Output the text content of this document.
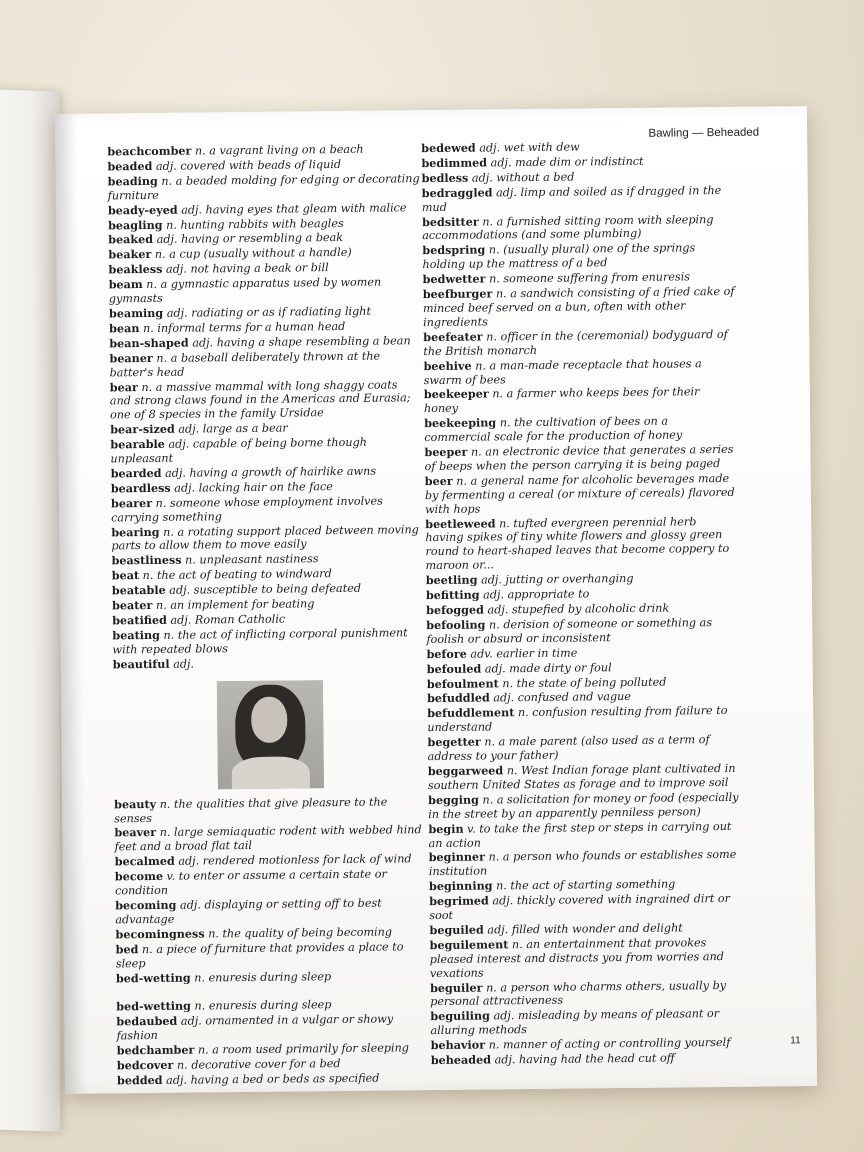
Bawling — Beheaded
beachcomber n. a vagrant living on a beach
beaded adj. covered with beads of liquid
beading n. a beaded molding for edging or decorating furniture
beady-eyed adj. having eyes that gleam with malice
beagling n. hunting rabbits with beagles
beaked adj. having or resembling a beak
beaker n. a cup (usually without a handle)
beakless adj. not having a beak or bill
beam n. a gymnastic apparatus used by women gymnasts
beaming adj. radiating or as if radiating light
bean n. informal terms for a human head
bean-shaped adj. having a shape resembling a bean
beaner n. a baseball deliberately thrown at the batter's head
bear n. a massive mammal with long shaggy coats and strong claws found in the Americas and Eurasia; one of 8 species in the family Ursidae
bear-sized adj. large as a bear
bearable adj. capable of being borne though unpleasant
bearded adj. having a growth of hairlike awns
beardless adj. lacking hair on the face
bearer n. someone whose employment involves carrying something
bearing n. a rotating support placed between moving parts to allow them to move easily
beastliness n. unpleasant nastiness
beat n. the act of beating to windward
beatable adj. susceptible to being defeated
beater n. an implement for beating
beatified adj. Roman Catholic
beating n. the act of inflicting corporal punishment with repeated blows
beautiful adj.
beauty n. the qualities that give pleasure to the senses
beaver n. large semiaquatic rodent with webbed hind feet and a broad flat tail
becalmed adj. rendered motionless for lack of wind
become v. to enter or assume a certain state or condition
becoming adj. displaying or setting off to best advantage
becomingness n. the quality of being becoming
bed n. a piece of furniture that provides a place to sleep
bed-wetting n. enuresis during sleep
bed-wetting n. enuresis during sleep
bedaubed adj. ornamented in a vulgar or showy fashion
bedchamber n. a room used primarily for sleeping
bedcover n. decorative cover for a bed
bedded adj. having a bed or beds as specified
bedewed adj. wet with dew
bedimmed adj. made dim or indistinct
bedless adj. without a bed
bedraggled adj. limp and soiled as if dragged in the mud
bedsitter n. a furnished sitting room with sleeping accommodations (and some plumbing)
bedspring n. (usually plural) one of the springs holding up the mattress of a bed
bedwetter n. someone suffering from enuresis
beefburger n. a sandwich consisting of a fried cake of minced beef served on a bun, often with other ingredients
beefeater n. officer in the (ceremonial) bodyguard of the British monarch
beehive n. a man-made receptacle that houses a swarm of bees
beekeeper n. a farmer who keeps bees for their honey
beekeeping n. the cultivation of bees on a commercial scale for the production of honey
beeper n. an electronic device that generates a series of beeps when the person carrying it is being paged
beer n. a general name for alcoholic beverages made by fermenting a cereal (or mixture of cereals) flavored with hops
beetleweed n. tufted evergreen perennial herb having spikes of tiny white flowers and glossy green round to heart-shaped leaves that become coppery to maroon or...
beetling adj. jutting or overhanging
befitting adj. appropriate to
befogged adj. stupefied by alcoholic drink
befooling n. derision of someone or something as foolish or absurd or inconsistent
before adv. earlier in time
befouled adj. made dirty or foul
befoulment n. the state of being polluted
befuddled adj. confused and vague
befuddlement n. confusion resulting from failure to understand
begetter n. a male parent (also used as a term of address to your father)
beggarweed n. West Indian forage plant cultivated in southern United States as forage and to improve soil
begging n. a solicitation for money or food (especially in the street by an apparently penniless person)
begin v. to take the first step or steps in carrying out an action
beginner n. a person who founds or establishes some institution
beginning n. the act of starting something
begrimed adj. thickly covered with ingrained dirt or soot
beguiled adj. filled with wonder and delight
beguilement n. an entertainment that provokes pleased interest and distracts you from worries and vexations
beguiler n. a person who charms others, usually by personal attractiveness
beguiling adj. misleading by means of pleasant or alluring methods
behavior n. manner of acting or controlling yourself
beheaded adj. having had the head cut off
11
